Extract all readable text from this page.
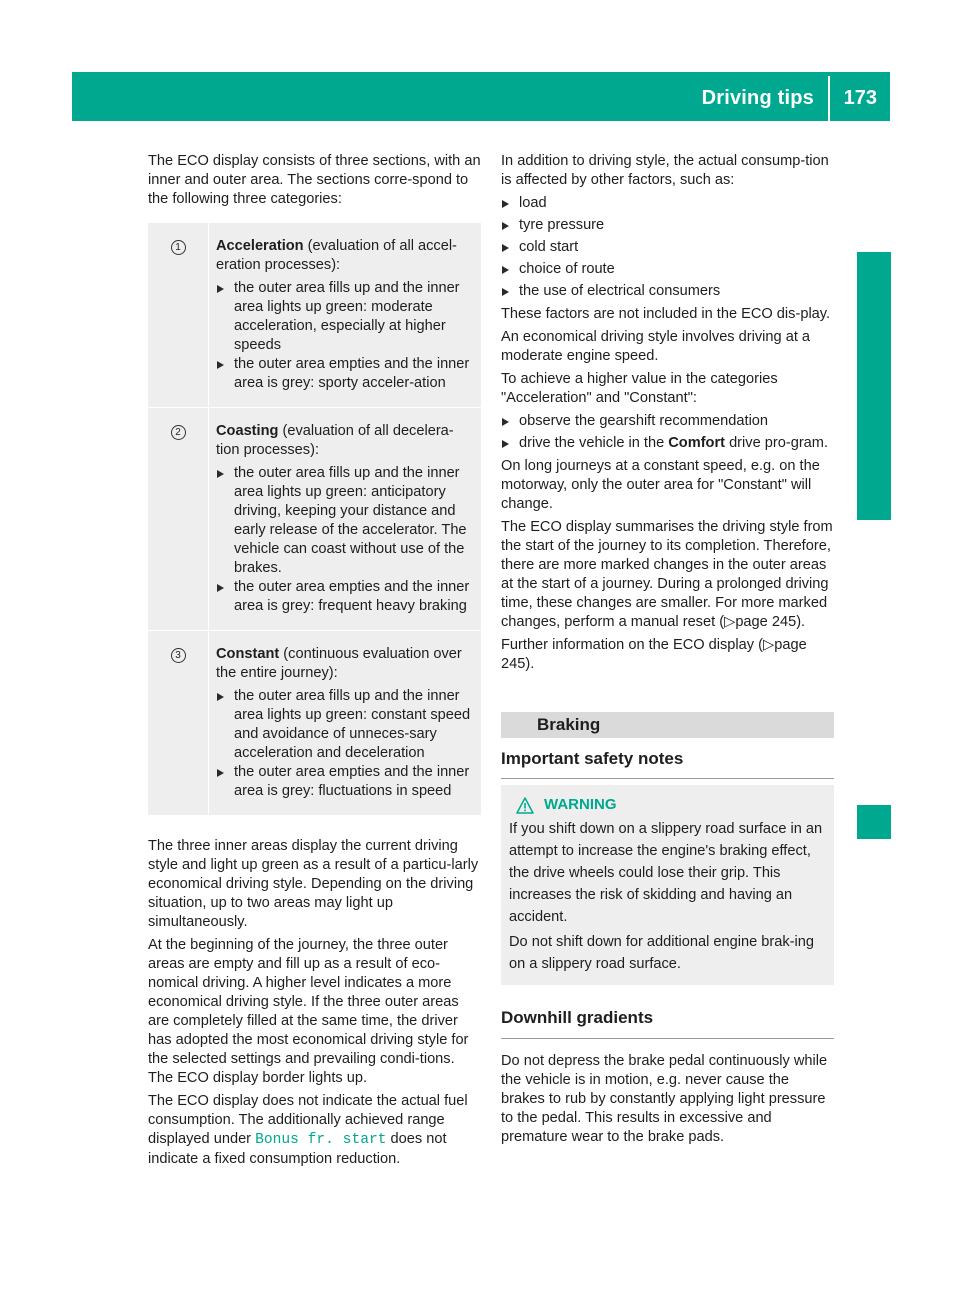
Driving tips 173
Driving and parking

The ECO display consists of three sections, with an inner and outer area. The sections corre-spond to the following three categories:

1	Acceleration (evaluation of all accel-eration processes):

the outer area fills up and the inner area lights up green: moderate acceleration, especially at higher speeds
the outer area empties and the inner area is grey: sporty acceler-ation
2	Coasting (evaluation of all decelera-tion processes):

the outer area fills up and the inner area lights up green: anticipatory driving, keeping your distance and early release of the accelerator. The vehicle can coast without use of the brakes.
the outer area empties and the inner area is grey: frequent heavy braking
3	Constant (continuous evaluation over the entire journey):

the outer area fills up and the inner area lights up green: constant speed and avoidance of unneces-sary acceleration and deceleration
the outer area empties and the inner area is grey: fluctuations in speed

The three inner areas display the current driving style and light up green as a result of a particu-larly economical driving style. Depending on the driving situation, up to two areas may light up simultaneously.

At the beginning of the journey, the three outer areas are empty and fill up as a result of eco-nomical driving. A higher level indicates a more economical driving style. If the three outer areas are completely filled at the same time, the driver has adopted the most economical driving style for the selected settings and prevailing condi-tions. The ECO display border lights up.

The ECO display does not indicate the actual fuel consumption. The additionally achieved range displayed under Bonus fr. start does not indicate a fixed consumption reduction.

In addition to driving style, the actual consump-tion is affected by other factors, such as:

load
tyre pressure
cold start
choice of route
the use of electrical consumers

These factors are not included in the ECO dis-play.

An economical driving style involves driving at a moderate engine speed.

To achieve a higher value in the categories "Acceleration" and "Constant":

observe the gearshift recommendation
drive the vehicle in the Comfort drive pro-gram.

On long journeys at a constant speed, e.g. on the motorway, only the outer area for "Constant" will change.

The ECO display summarises the driving style from the start of the journey to its completion. Therefore, there are more marked changes in the outer areas at the start of a journey. During a prolonged driving time, these changes are smaller. For more marked changes, perform a manual reset (▷page 245).

Further information on the ECO display (▷page 245).

Braking
Important safety notes
WARNING

If you shift down on a slippery road surface in an attempt to increase the engine's braking effect, the drive wheels could lose their grip. This increases the risk of skidding and having an accident.

Do not shift down for additional engine brak-ing on a slippery road surface.

Downhill gradients

Do not depress the brake pedal continuously while the vehicle is in motion, e.g. never cause the brakes to rub by constantly applying light pressure to the pedal. This results in excessive and premature wear to the brake pads.
